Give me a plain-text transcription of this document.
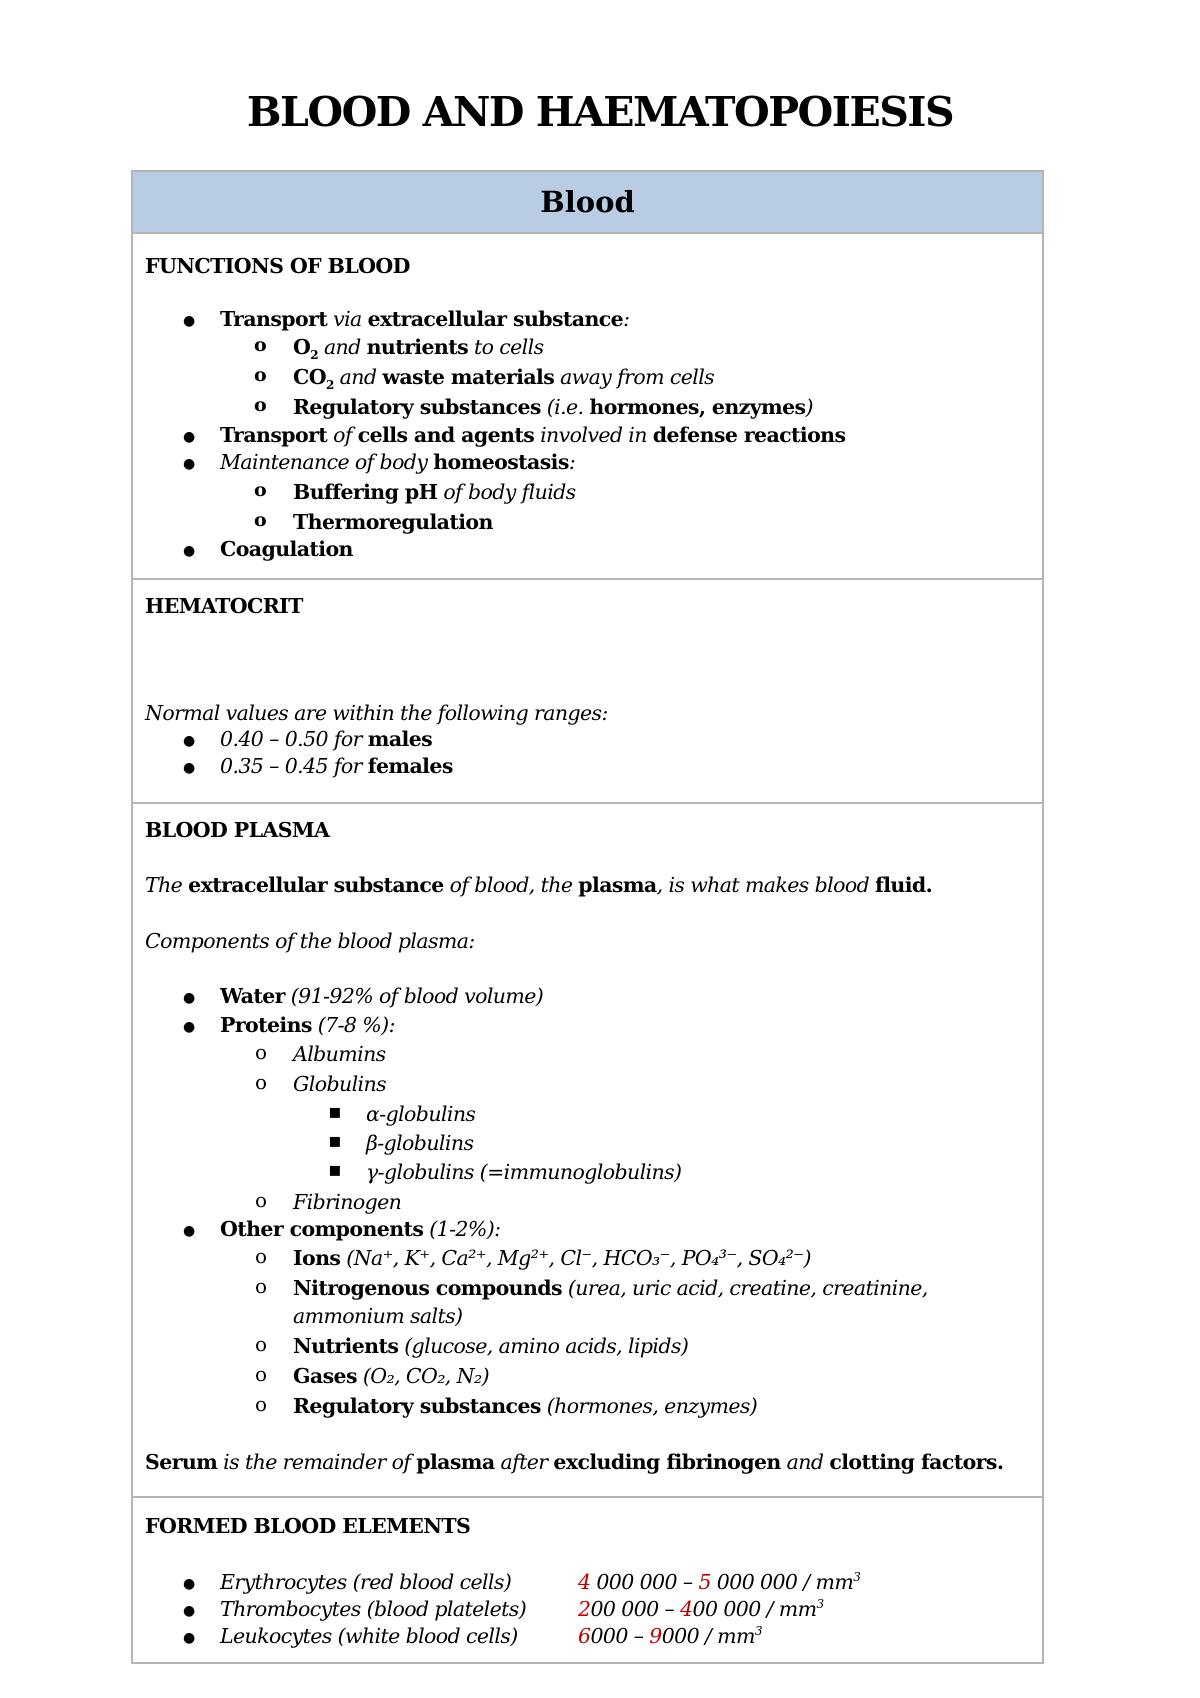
BLOOD AND HAEMATOPOIESIS
Blood
FUNCTIONS OF BLOOD
●
Transport via extracellular substance:
o
$O_2$ and nutrients to cells
o
$CO_2$ and waste materials away from cells
o
Regulatory substances (i.e. hormones, enzymes)
●
Transport of cells and agents involved in defense reactions
●
Maintenance of body homeostasis:
o
Buffering pH of body fluids
o
Thermoregulation
●
Coagulation
HEMATOCRIT
Normal values are within the following ranges:
●
0.40 – 0.50 for males
●
0.35 – 0.45 for females
BLOOD PLASMA
The extracellular substance of blood, the plasma, is what makes blood fluid.
Components of the blood plasma:
●
Water (91-92% of blood volume)
●
Proteins (7-8 %):
o
Albumins
o
Globulins
▪
α-globulins
▪
β-globulins
▪
γ-globulins (=immunoglobulins)
o
Fibrinogen
●
Other components (1-2%):
o
Ions (Na⁺, K⁺, Ca²⁺, Mg²⁺, Cl⁻, HCO₃⁻, PO₄³⁻, SO₄²⁻)
o
Nitrogenous compounds (urea, uric acid, creatine, creatinine,
ammonium salts)
o
Nutrients (glucose, amino acids, lipids)
o
Gases (O₂, CO₂, N₂)
o
Regulatory substances (hormones, enzymes)
Serum is the remainder of plasma after excluding fibrinogen and clotting factors.
FORMED BLOOD ELEMENTS
●
Erythrocytes (red blood cells)	4 000 000 – 5 000 $000 / mm^3$
●
Thrombocytes (blood platelets)	200 000 – 400 $000 / mm^3$
●
Leukocytes (white blood cells)	$6000 - 9000 / mm^3$
